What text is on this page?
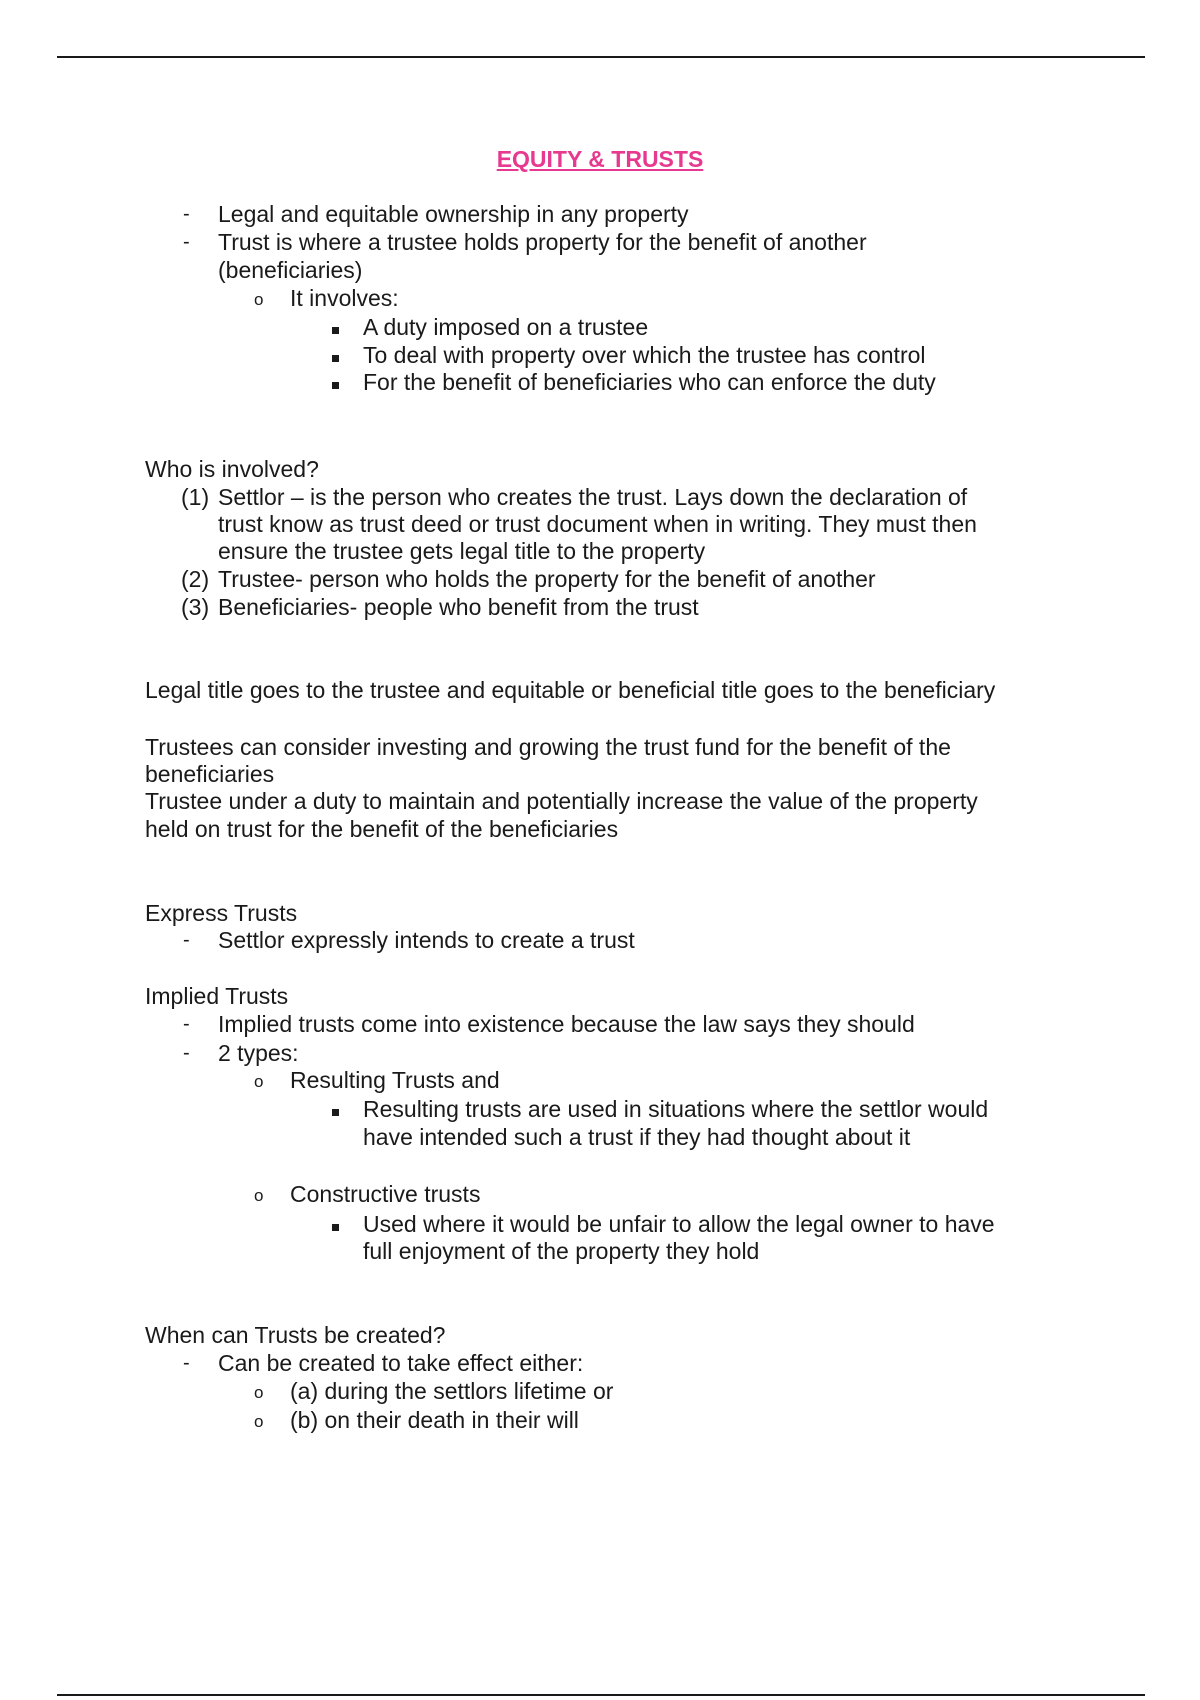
EQUITY & TRUSTS
- Legal and equitable ownership in any property
- Trust is where a trustee holds property for the benefit of another
(beneficiaries)
o It involves:
A duty imposed on a trustee
To deal with property over which the trustee has control
For the benefit of beneficiaries who can enforce the duty
Who is involved?
(1) Settlor – is the person who creates the trust. Lays down the declaration of
trust know as trust deed or trust document when in writing. They must then
ensure the trustee gets legal title to the property
(2) Trustee- person who holds the property for the benefit of another
(3) Beneficiaries- people who benefit from the trust
Legal title goes to the trustee and equitable or beneficial title goes to the beneficiary
Trustees can consider investing and growing the trust fund for the benefit of the
beneficiaries
Trustee under a duty to maintain and potentially increase the value of the property
held on trust for the benefit of the beneficiaries
Express Trusts
- Settlor expressly intends to create a trust
Implied Trusts
- Implied trusts come into existence because the law says they should
- 2 types:
o Resulting Trusts and
Resulting trusts are used in situations where the settlor would
have intended such a trust if they had thought about it
o Constructive trusts
Used where it would be unfair to allow the legal owner to have
full enjoyment of the property they hold
When can Trusts be created?
- Can be created to take effect either:
o (a) during the settlors lifetime or
o (b) on their death in their will
